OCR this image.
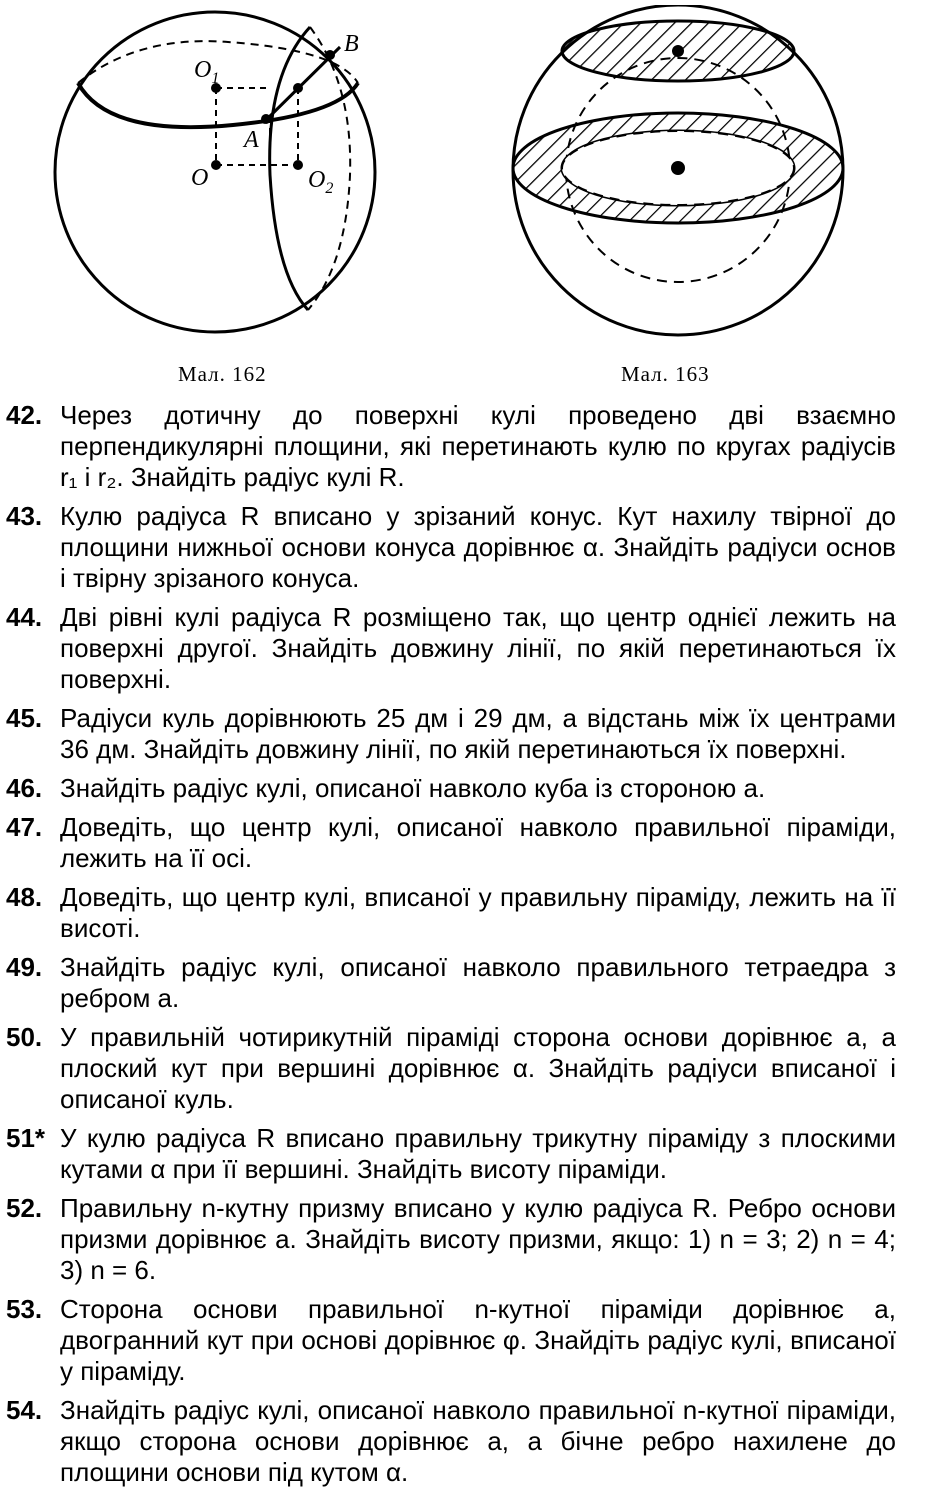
$O_1$
A
B
O	$O_2$
Мал. 162	Мал. 163
42. Через дотичну до поверхні кулі проведено дві взаємно перпендикулярні площини, які перетинають кулю по кругах радіусів r₁ і r₂. Знайдіть радіус кулі R.
43. Кулю радіуса R вписано у зрізаний конус. Кут нахилу твірної до площини нижньої основи конуса дорівнює α. Знайдіть радіуси основ і твірну зрізаного конуса.
44. Дві рівні кулі радіуса R розміщено так, що центр однієї лежить на поверхні другої. Знайдіть довжину лінії, по якій перетинаються їх поверхні.
45. Радіуси куль дорівнюють 25 дм і 29 дм, а відстань між їх центрами 36 дм. Знайдіть довжину лінії, по якій перетинаються їх поверхні.
46. Знайдіть радіус кулі, описаної навколо куба із стороною a.
47. Доведіть, що центр кулі, описаної навколо правильної піраміди, лежить на її осі.
48. Доведіть, що центр кулі, вписаної у правильну піраміду, лежить на її висоті.
49. Знайдіть радіус кулі, описаної навколо правильного тетраедра з ребром a.
50. У правильній чотирикутній піраміді сторона основи дорівнює a, а плоский кут при вершині дорівнює α. Знайдіть радіуси вписаної і описаної куль.
51* У кулю радіуса R вписано правильну трикутну піраміду з плоскими кутами α при її вершині. Знайдіть висоту піраміди.
52. Правильну n-кутну призму вписано у кулю радіуса R. Ребро основи призми дорівнює a. Знайдіть висоту призми, якщо: 1) n = 3; 2) n = 4; 3) n = 6.
53. Сторона основи правильної n-кутної піраміди дорівнює a, двогранний кут при основі дорівнює φ. Знайдіть радіус кулі, вписаної у піраміду.
54. Знайдіть радіус кулі, описаної навколо правильної n-кутної піраміди, якщо сторона основи дорівнює a, а бічне ребро нахилене до площини основи під кутом α.
